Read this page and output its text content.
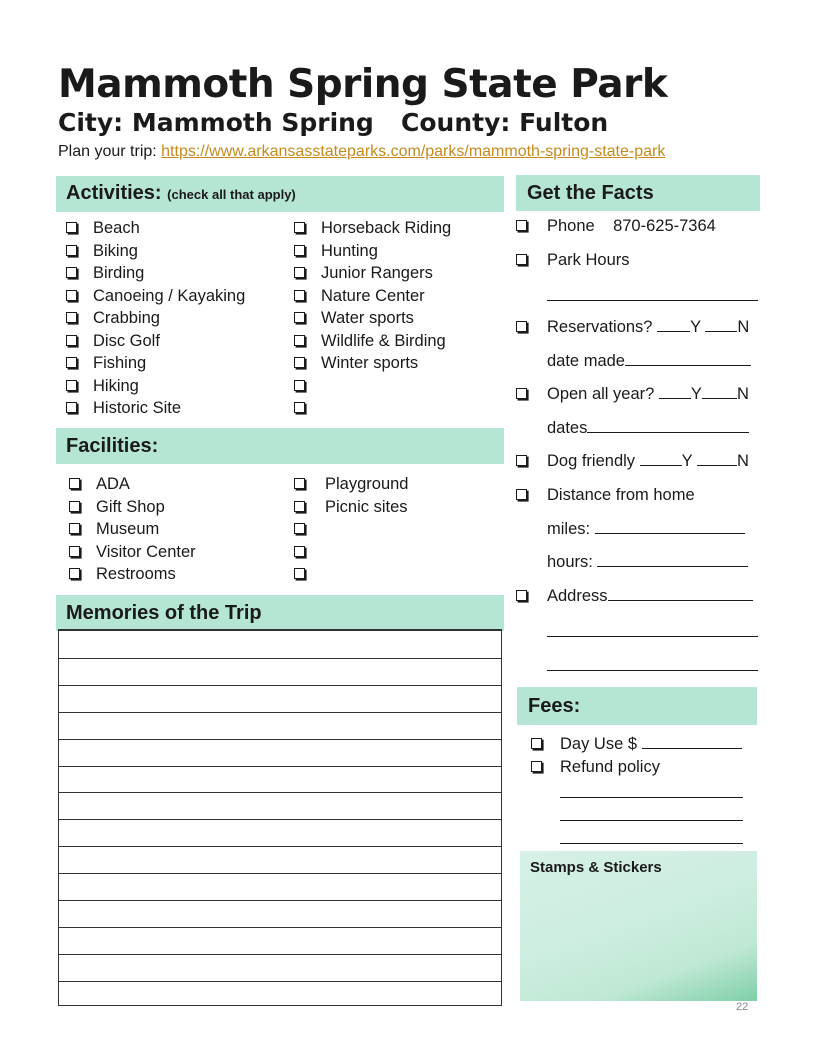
Mammoth Spring State Park
City: Mammoth Spring County: Fulton
Plan your trip: https://www.arkansasstateparks.com/parks/mammoth-spring-state-park
Activities: (check all that apply)
Beach
Biking
Birding
Canoeing / Kayaking
Crabbing
Disc Golf
Fishing
Hiking
Historic Site
Horseback Riding
Hunting
Junior Rangers
Nature Center
Water sports
Wildlife & Birding
Winter sports
Facilities:
ADA
Gift Shop
Museum
Visitor Center
Restrooms
Playground
Picnic sites
Memories of the Trip
Get the Facts
Phone 870-625-7364
Park Hours
Reservations? Y N
date made
Open all year? Y N
dates
Dog friendly	Y	N
Distance from home
miles:
hours:
Address
Fees:
Day Use $
Refund policy
Stamps & Stickers
22
